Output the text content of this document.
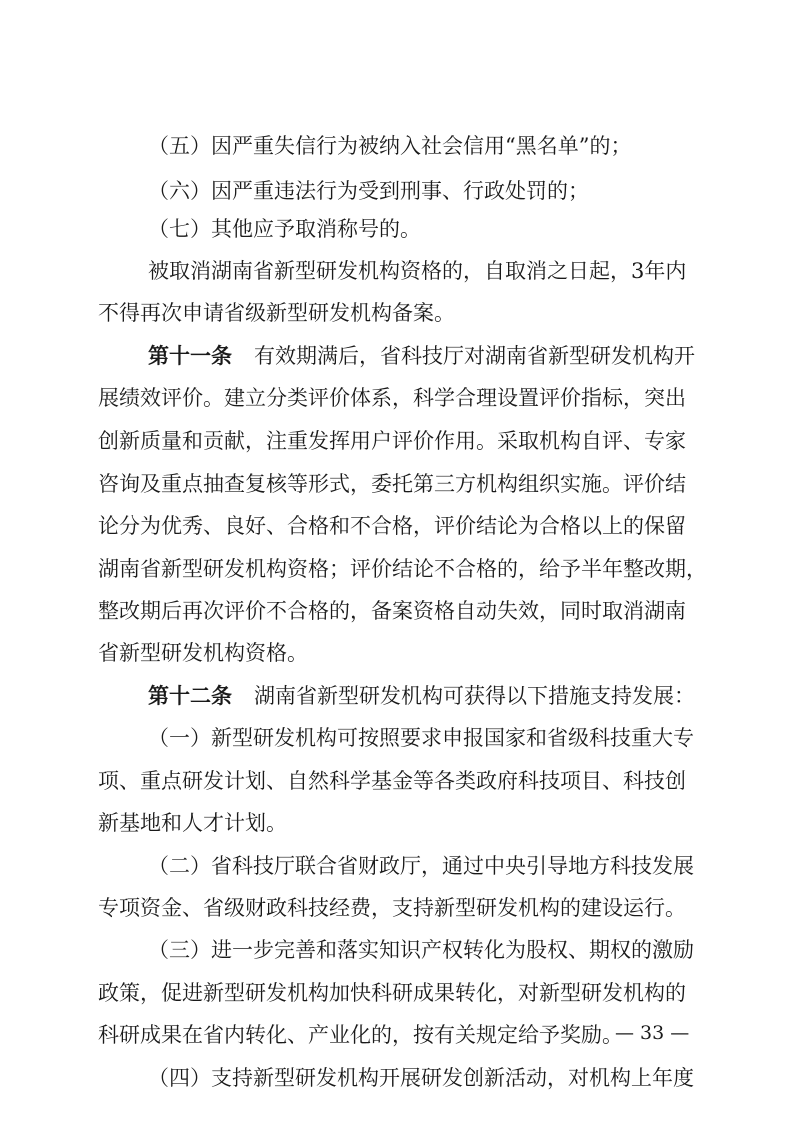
（五）因严重失信行为被纳入社会信用“黑名单”的；
（六）因严重违法行为受到刑事、行政处罚的；
（七）其他应予取消称号的。
被取消湖南省新型研发机构资格的，自取消之日起，3年内
不得再次申请省级新型研发机构备案。
第十一条 有效期满后，省科技厅对湖南省新型研发机构开
展绩效评价。建立分类评价体系，科学合理设置评价指标，突出
创新质量和贡献，注重发挥用户评价作用。采取机构自评、专家
咨询及重点抽查复核等形式，委托第三方机构组织实施。评价结
论分为优秀、良好、合格和不合格，评价结论为合格以上的保留
湖南省新型研发机构资格；评价结论不合格的，给予半年整改期，
整改期后再次评价不合格的，备案资格自动失效，同时取消湖南
省新型研发机构资格。
第十二条 湖南省新型研发机构可获得以下措施支持发展：
（一）新型研发机构可按照要求申报国家和省级科技重大专
项、重点研发计划、自然科学基金等各类政府科技项目、科技创
新基地和人才计划。
（二）省科技厅联合省财政厅，通过中央引导地方科技发展
专项资金、省级财政科技经费，支持新型研发机构的建设运行。
（三）进一步完善和落实知识产权转化为股权、期权的激励
政策，促进新型研发机构加快科研成果转化，对新型研发机构的
科研成果在省内转化、产业化的，按有关规定给予奖励。
（四）支持新型研发机构开展研发创新活动，对机构上年度
— 33 —
